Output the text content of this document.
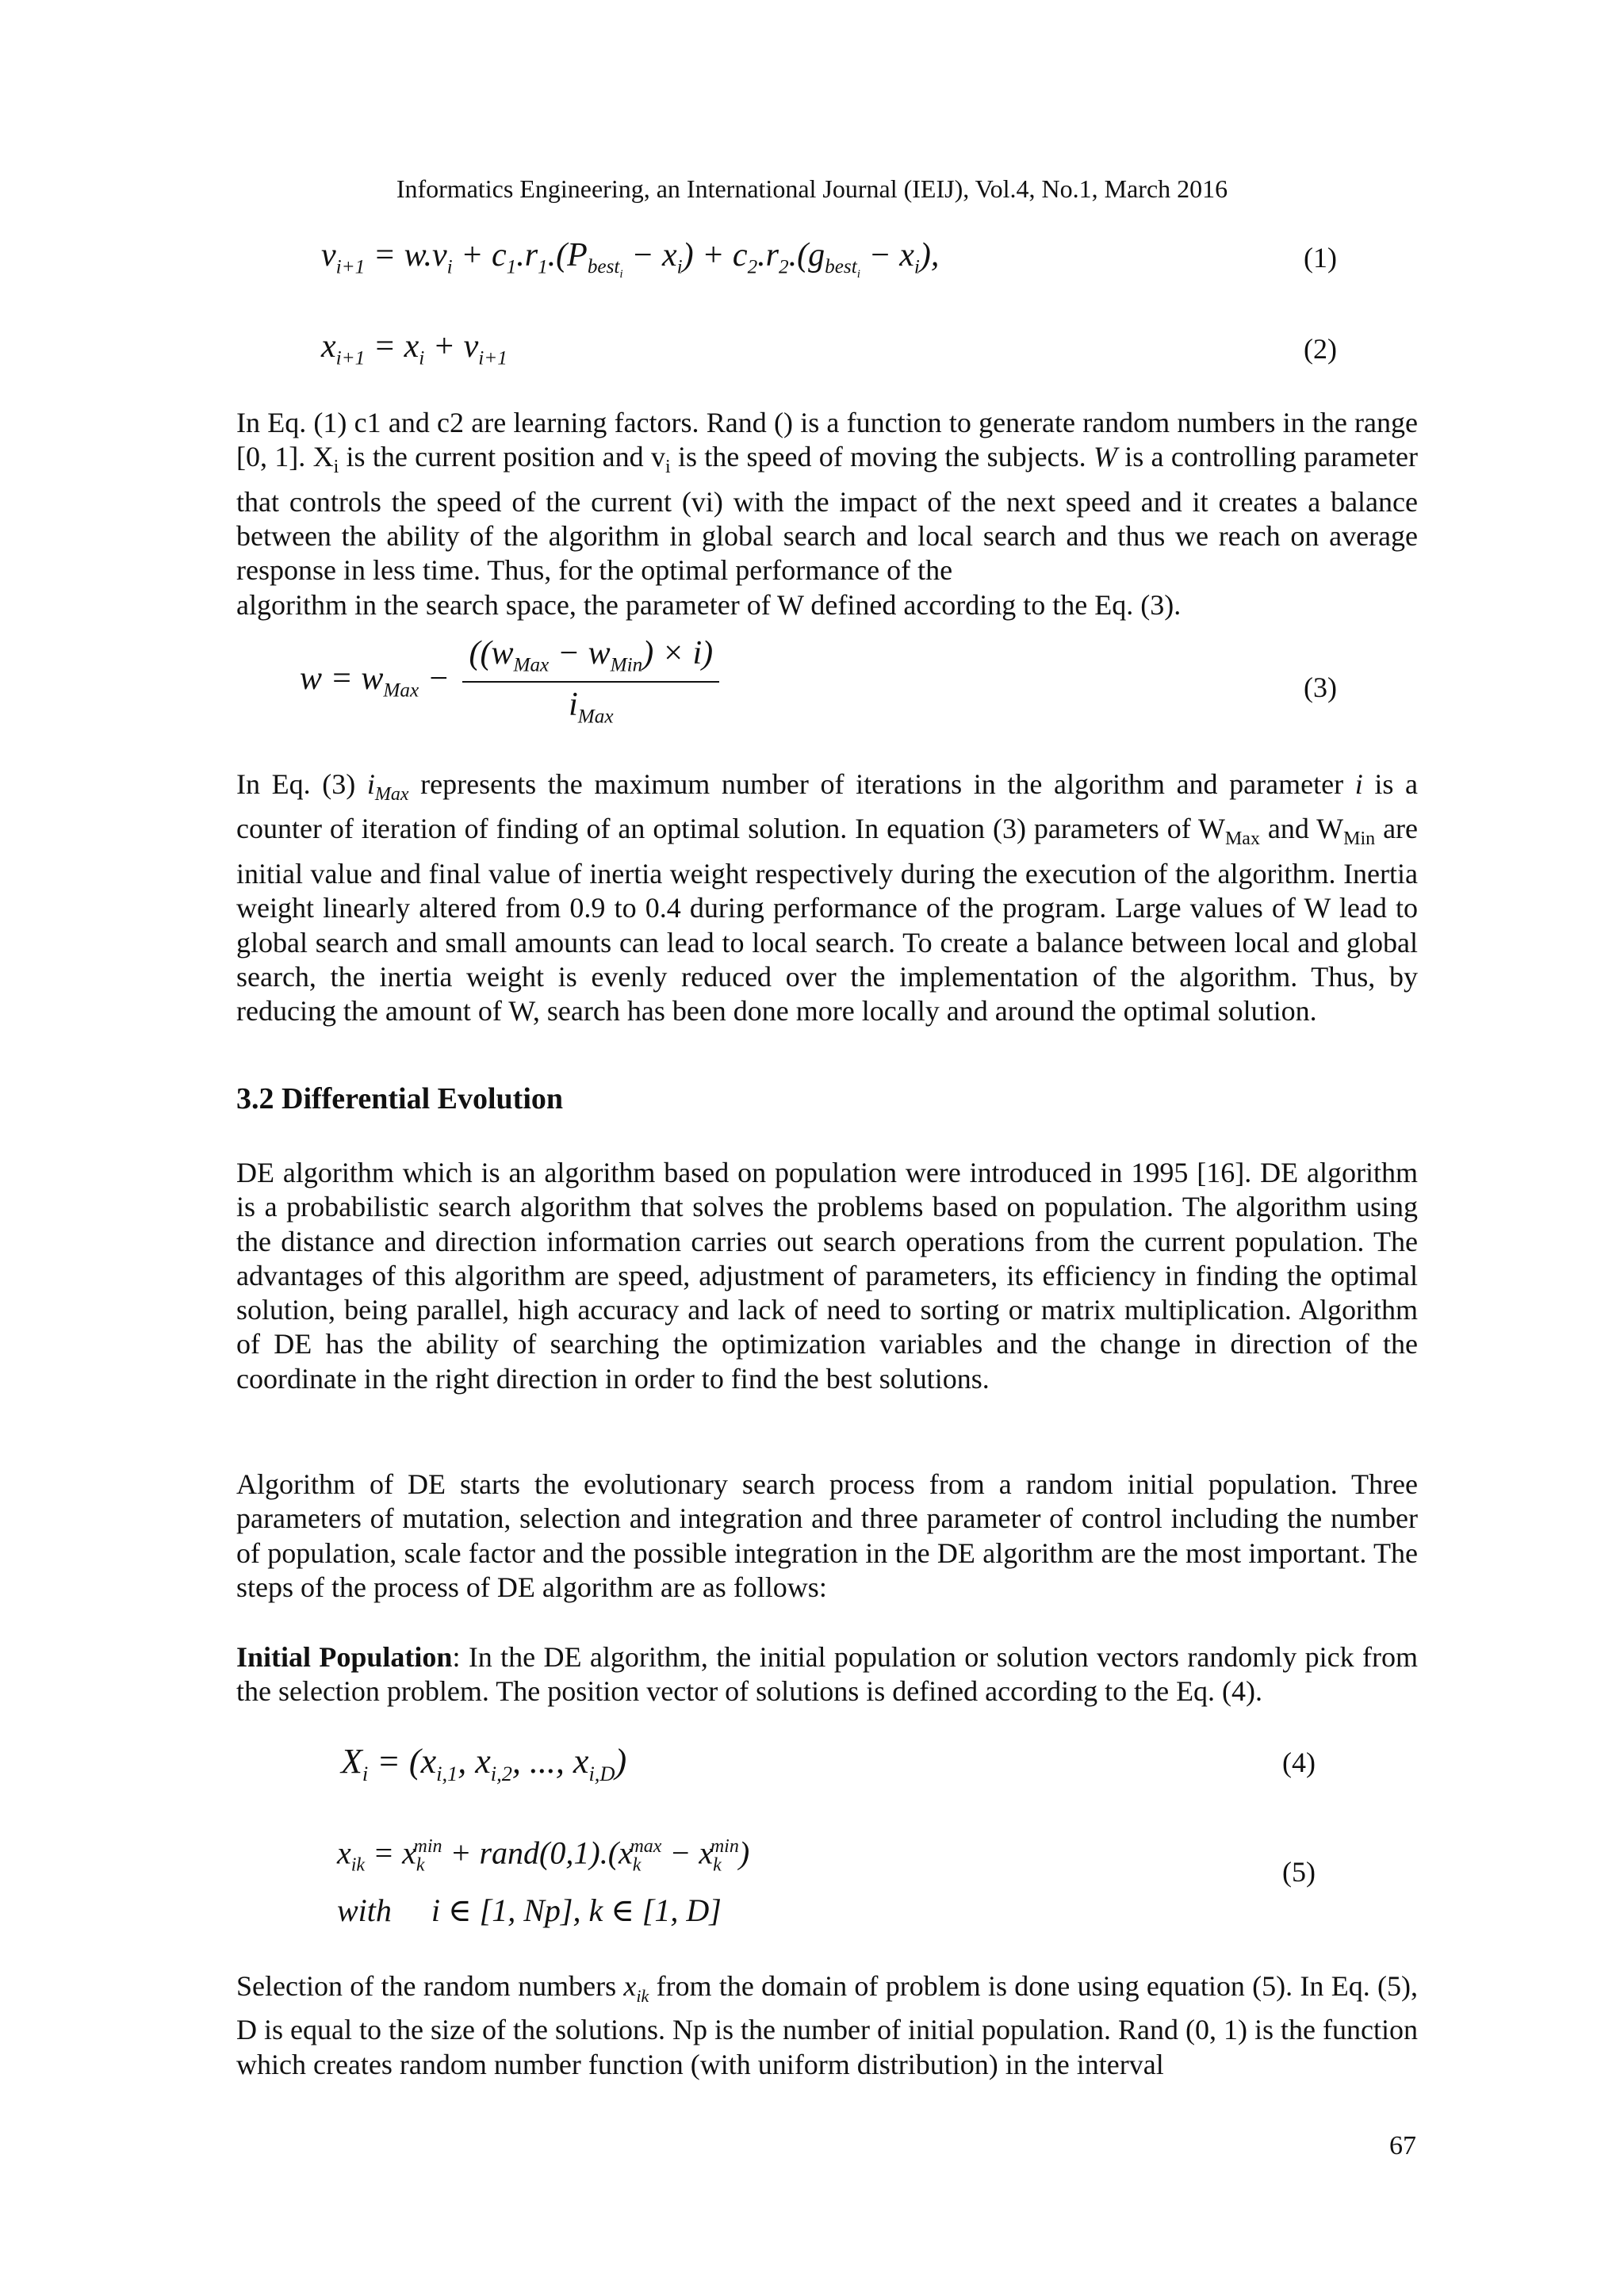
Informatics Engineering, an International Journal (IEIJ), Vol.4, No.1, March 2016
$v_{i+1} = w.v_i + c_1.r_1.(P_{best_i} - x_i) + c_2.r_2.(g_{best_i} - x_i)$,	(1)
$x_{i+1} = x_i + v_{i+1}$	(2)

In Eq. (1) c1 and c2 are learning factors. Rand () is a function to generate random numbers in the range [0, 1]. $X_i$ is the current position and $v_i$ is the speed of moving the subjects. W is a controlling parameter that controls the speed of the current (vi) with the impact of the next speed and it creates a balance between the ability of the algorithm in global search and local search and thus we reach on average response in less time. Thus, for the optimal performance of the
algorithm in the search space, the parameter of W defined according to the Eq. (3).

$w = w_{Max} - \frac{((w_{Max} - w_{Min}) \times i)}{i_{Max}}$	(3)

In Eq. (3) $i_{Max}$ represents the maximum number of iterations in the algorithm and parameter i is a counter of iteration of finding of an optimal solution. In equation (3) parameters of $W_{Max}$ and $W_{Min}$ are initial value and final value of inertia weight respectively during the execution of the algorithm. Inertia weight linearly altered from 0.9 to 0.4 during performance of the program. Large values of W lead to global search and small amounts can lead to local search. To create a balance between local and global search, the inertia weight is evenly reduced over the implementation of the algorithm. Thus, by reducing the amount of W, search has been done more locally and around the optimal solution.

3.2 Differential Evolution

DE algorithm which is an algorithm based on population were introduced in 1995 [16]. DE algorithm is a probabilistic search algorithm that solves the problems based on population. The algorithm using the distance and direction information carries out search operations from the current population. The advantages of this algorithm are speed, adjustment of parameters, its efficiency in finding the optimal solution, being parallel, high accuracy and lack of need to sorting or matrix multiplication. Algorithm of DE has the ability of searching the optimization variables and the change in direction of the coordinate in the right direction in order to find the best solutions.

Algorithm of DE starts the evolutionary search process from a random initial population. Three parameters of mutation, selection and integration and three parameter of control including the number of population, scale factor and the possible integration in the DE algorithm are the most important. The steps of the process of DE algorithm are as follows:

Initial Population: In the DE algorithm, the initial population or solution vectors randomly pick from the selection problem. The position vector of solutions is defined according to the Eq. (4).

$X_i = (x_{i,1}$, $x_{i,2}$, ..., $x_{i,D}$)	(4)
$x_{ik} = x_k^{min}$ + $rand(0,1).(x_k^{max} - x_k^{min})$
with     i ∈ [1, Np], k ∈ [1, D]
(5)

Selection of the random numbers $x_{ik}$ from the domain of problem is done using equation (5). In Eq. (5), D is equal to the size of the solutions. Np is the number of initial population. Rand (0, 1) is the function which creates random number function (with uniform distribution) in the interval

67
